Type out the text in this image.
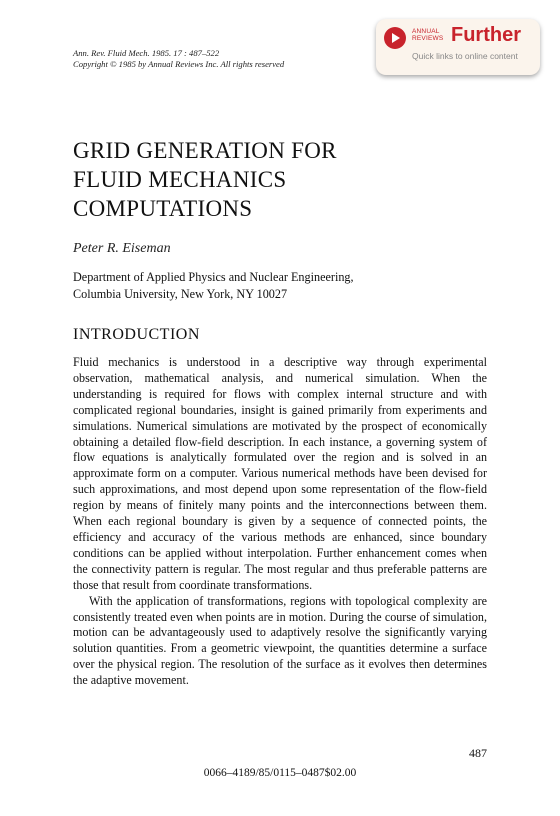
Ann. Rev. Fluid Mech. 1985. 17 : 487–522
Copyright © 1985 by Annual Reviews Inc. All rights reserved
ANNUAL
REVIEWS Further
Quick links to online content
GRID GENERATION FOR
FLUID MECHANICS
COMPUTATIONS
Peter R. Eiseman
Department of Applied Physics and Nuclear Engineering,
Columbia University, New York, NY 10027
INTRODUCTION

Fluid mechanics is understood in a descriptive way through experimental observation, mathematical analysis, and numerical simulation. When the understanding is required for flows with complex internal structure and with complicated regional boundaries, insight is gained primarily from experiments and simulations. Numerical simulations are motivated by the prospect of economically obtaining a detailed flow-field description. In each instance, a governing system of flow equations is analytically formulated over the region and is solved in an approximate form on a computer. Various numerical methods have been devised for such approximations, and most depend upon some representation of the flow-field region by means of finitely many points and the interconnections between them. When each regional boundary is given by a sequence of connected points, the efficiency and accuracy of the various methods are enhanced, since boundary conditions can be applied without interpolation. Further enhancement comes when the connectivity pattern is regular. The most regular and thus preferable patterns are those that result from coordinate transformations.

With the application of transformations, regions with topological complexity are consistently treated even when points are in motion. During the course of simulation, motion can be advantageously used to adaptively resolve the significantly varying solution quantities. From a geometric viewpoint, the quantities determine a surface over the physical region. The resolution of the surface as it evolves then determines the adaptive movement.

487
0066–4189/85/0115–0487$02.00
